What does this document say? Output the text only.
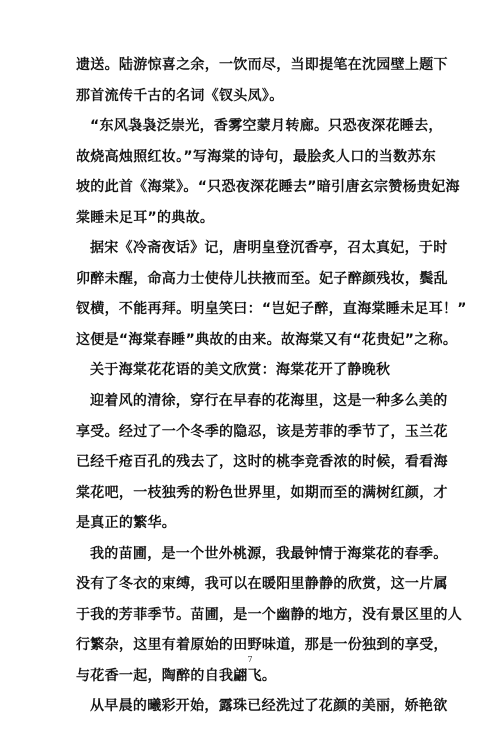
遗送。陆游惊喜之余，一饮而尽，当即提笔在沈园壁上题下
那首流传千古的名词《钗头凤》。
“东风袅袅泛崇光，香雾空蒙月转廊。只恐夜深花睡去，
故烧高烛照红妆。”写海棠的诗句，最脍炙人口的当数苏东
坡的此首《海棠》。“只恐夜深花睡去”暗引唐玄宗赞杨贵妃海
棠睡未足耳”的典故。
据宋《冷斋夜话》记，唐明皇登沉香亭，召太真妃，于时
卯醉未醒，命高力士使侍儿扶掖而至。妃子醉颜残妆，鬓乱
钗横，不能再拜。明皇笑曰：“岂妃子醉，直海棠睡未足耳！”
这便是“海棠春睡”典故的由来。故海棠又有“花贵妃”之称。
关于海棠花花语的美文欣赏：海棠花开了静晚秋
迎着风的清徐，穿行在早春的花海里，这是一种多么美的
享受。经过了一个冬季的隐忍，该是芳菲的季节了，玉兰花
已经千疮百孔的残去了，这时的桃李竞香浓的时候，看看海
棠花吧，一枝独秀的粉色世界里，如期而至的满树红颜，才
是真正的繁华。
我的苗圃，是一个世外桃源，我最钟情于海棠花的春季。
没有了冬衣的束缚，我可以在暖阳里静静的欣赏，这一片属
于我的芳菲季节。苗圃，是一个幽静的地方，没有景区里的人
行繁杂，这里有着原始的田野味道，那是一份独到的享受，
与花香一起，陶醉的自我翩飞。
从早晨的曦彩开始，露珠已经洗过了花颜的美丽，娇艳欲
7
